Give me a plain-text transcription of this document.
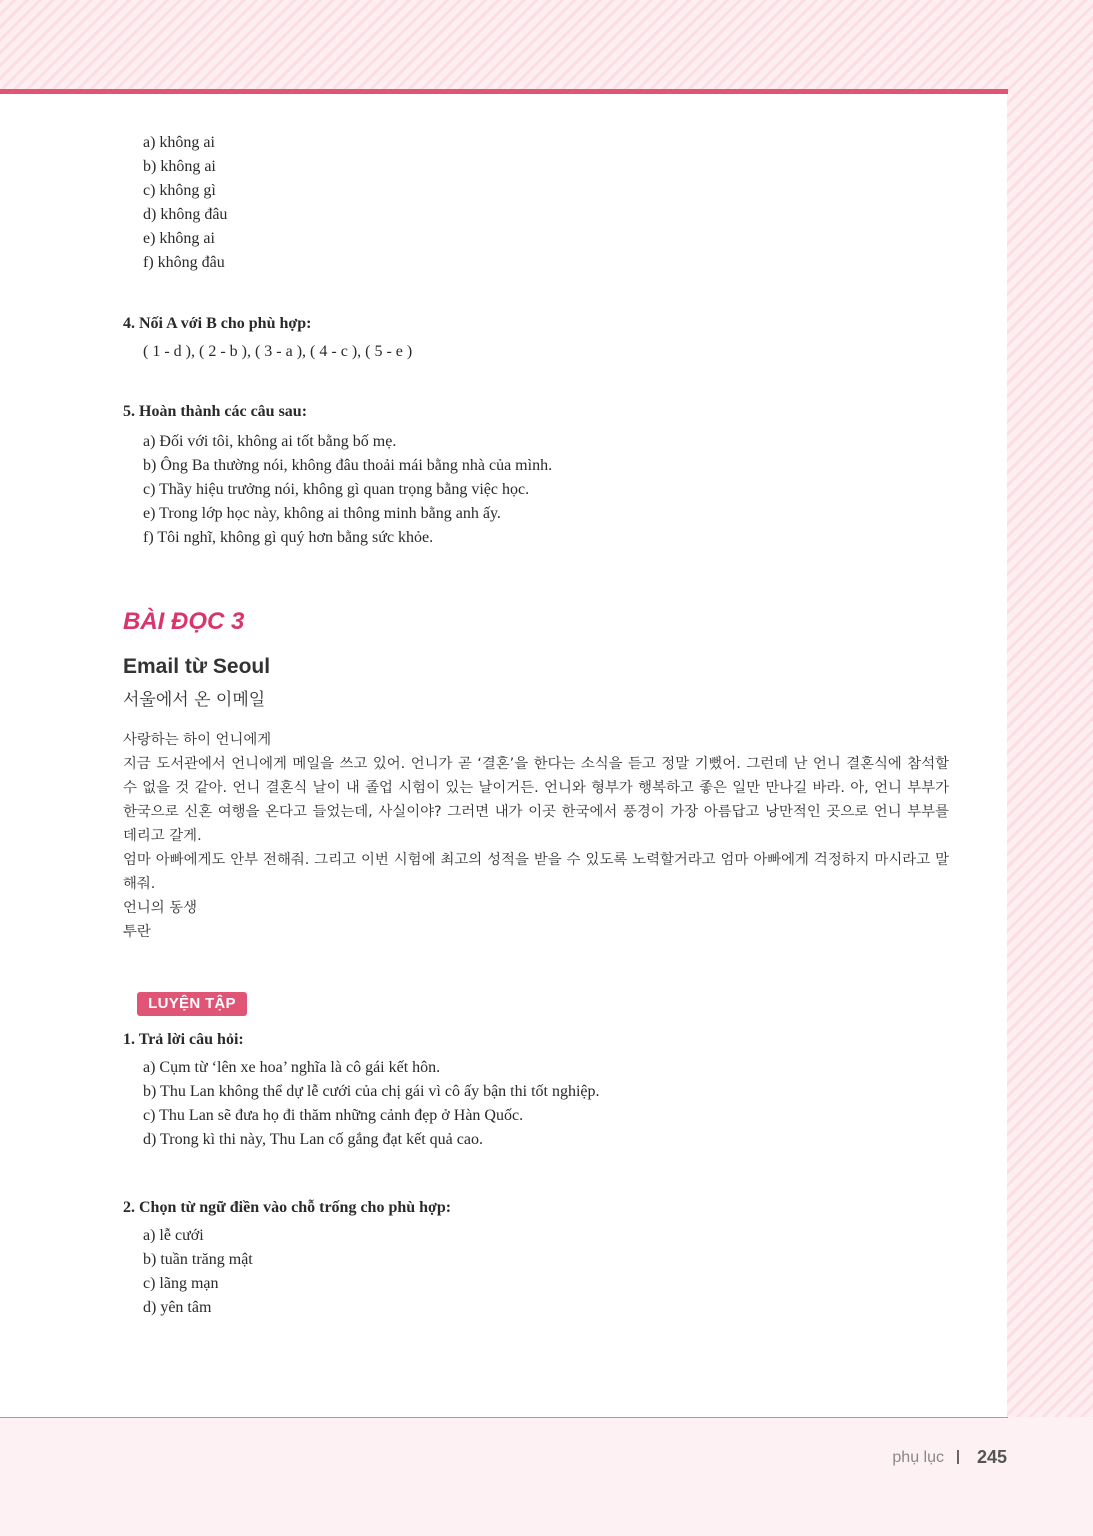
a) không ai
b) không ai
c) không gì
d) không đâu
e) không ai
f) không đâu
4. Nối A với B cho phù hợp:
( 1 - d ), ( 2 - b ), ( 3 - a ), ( 4 - c ), ( 5 - e )
5. Hoàn thành các câu sau:
a) Đối với tôi, không ai tốt bằng bố mẹ.
b) Ông Ba thường nói, không đâu thoải mái bằng nhà của mình.
c) Thầy hiệu trưởng nói, không gì quan trọng bằng việc học.
e) Trong lớp học này, không ai thông minh bằng anh ấy.
f) Tôi nghĩ, không gì quý hơn bằng sức khỏe.
BÀI ĐỌC 3
Email từ Seoul
서울에서 온 이메일

사랑하는 하이 언니에게

지금 도서관에서 언니에게 메일을 쓰고 있어. 언니가 곧 ‘결혼’을 한다는 소식을 듣고 정말 기뻤어. 그런데 난 언니 결혼식에 참석할 수 없을 것 같아. 언니 결혼식 날이 내 졸업 시험이 있는 날이거든. 언니와 형부가 행복하고 좋은 일만 만나길 바라. 아, 언니 부부가 한국으로 신혼 여행을 온다고 들었는데, 사실이야? 그러면 내가 이곳 한국에서 풍경이 가장 아름답고 낭만적인 곳으로 언니 부부를 데리고 갈게.

엄마 아빠에게도 안부 전해줘. 그리고 이번 시험에 최고의 성적을 받을 수 있도록 노력할거라고 엄마 아빠에게 걱정하지 마시라고 말해줘.

언니의 동생

투란

LUYỆN TẬP
1. Trả lời câu hỏi:
a) Cụm từ ‘lên xe hoa’ nghĩa là cô gái kết hôn.
b) Thu Lan không thể dự lễ cưới của chị gái vì cô ấy bận thi tốt nghiệp.
c) Thu Lan sẽ đưa họ đi thăm những cảnh đẹp ở Hàn Quốc.
d) Trong kì thi này, Thu Lan cố gắng đạt kết quả cao.
2. Chọn từ ngữ điền vào chỗ trống cho phù hợp:
a) lễ cưới
b) tuần trăng mật
c) lãng mạn
d) yên tâm
phụ lục 245
